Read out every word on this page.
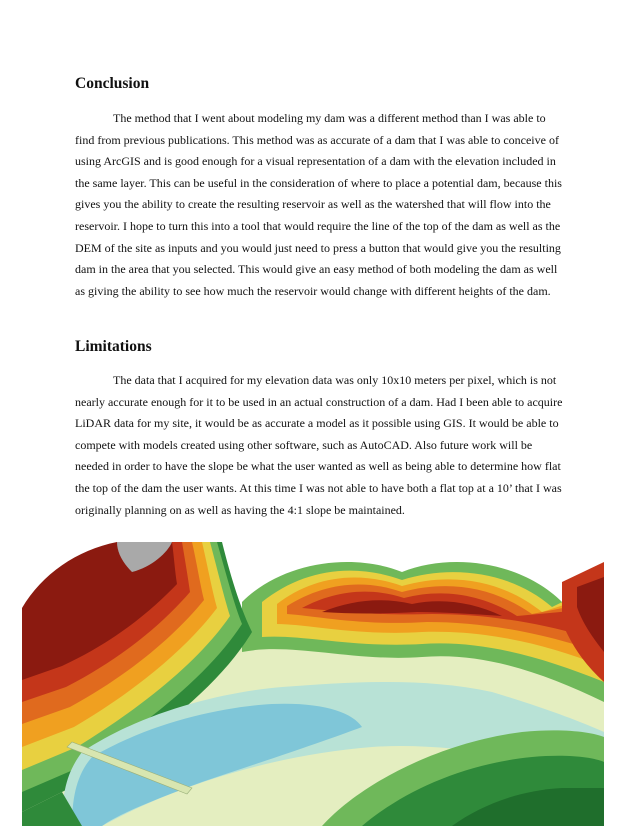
Conclusion

The method that I went about modeling my dam was a different method than I was able to find from previous publications. This method was as accurate of a dam that I was able to conceive of using ArcGIS and is good enough for a visual representation of a dam with the elevation included in the same layer. This can be useful in the consideration of where to place a potential dam, because this gives you the ability to create the resulting reservoir as well as the watershed that will flow into the reservoir. I hope to turn this into a tool that would require the line of the top of the dam as well as the DEM of the site as inputs and you would just need to press a button that would give you the resulting dam in the area that you selected. This would give an easy method of both modeling the dam as well as giving the ability to see how much the reservoir would change with different heights of the dam.

Limitations

The data that I acquired for my elevation data was only 10x10 meters per pixel, which is not nearly accurate enough for it to be used in an actual construction of a dam. Had I been able to acquire LiDAR data for my site, it would be as accurate a model as it possible using GIS. It would be able to compete with models created using other software, such as AutoCAD. Also future work will be needed in order to have the slope be what the user wanted as well as being able to determine how flat the top of the dam the user wants. At this time I was not able to have both a flat top at a 10’ that I was originally planning on as well as having the 4:1 slope be maintained.
